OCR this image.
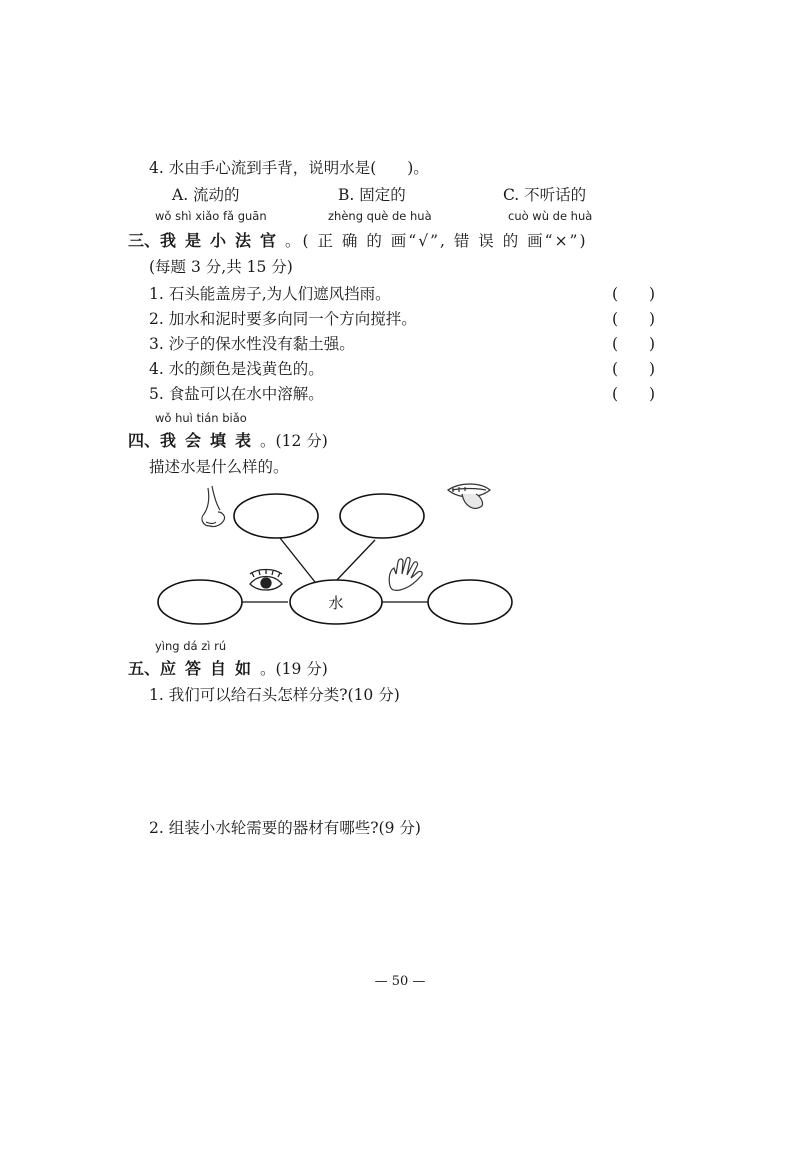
4. 水由手心流到手背，说明水是(　　)。
A. 流动的	B. 固定的	C. 不听话的
wǒ shì xiǎo fǎ guān	zhèng què de huà	cuò wù de huà
三、我是小法官。( 正 确 的 画“√”, 错 误 的 画“×”)
(每题 3 分,共 15 分)
1. 石头能盖房子,为人们遮风挡雨。	(　　)
2. 加水和泥时要多向同一个方向搅拌。	(　　)
3. 沙子的保水性没有黏土强。	(　　)
4. 水的颜色是浅黄色的。	(　　)
5. 食盐可以在水中溶解。	(　　)
wǒ huì tián biǎo
四、我会填表。(12 分)
描述水是什么样的。
水
yìng dá zì rú
五、应答自如。(19 分)
1. 我们可以给石头怎样分类?(10 分)
2. 组装小水轮需要的器材有哪些?(9 分)
— 50 —
